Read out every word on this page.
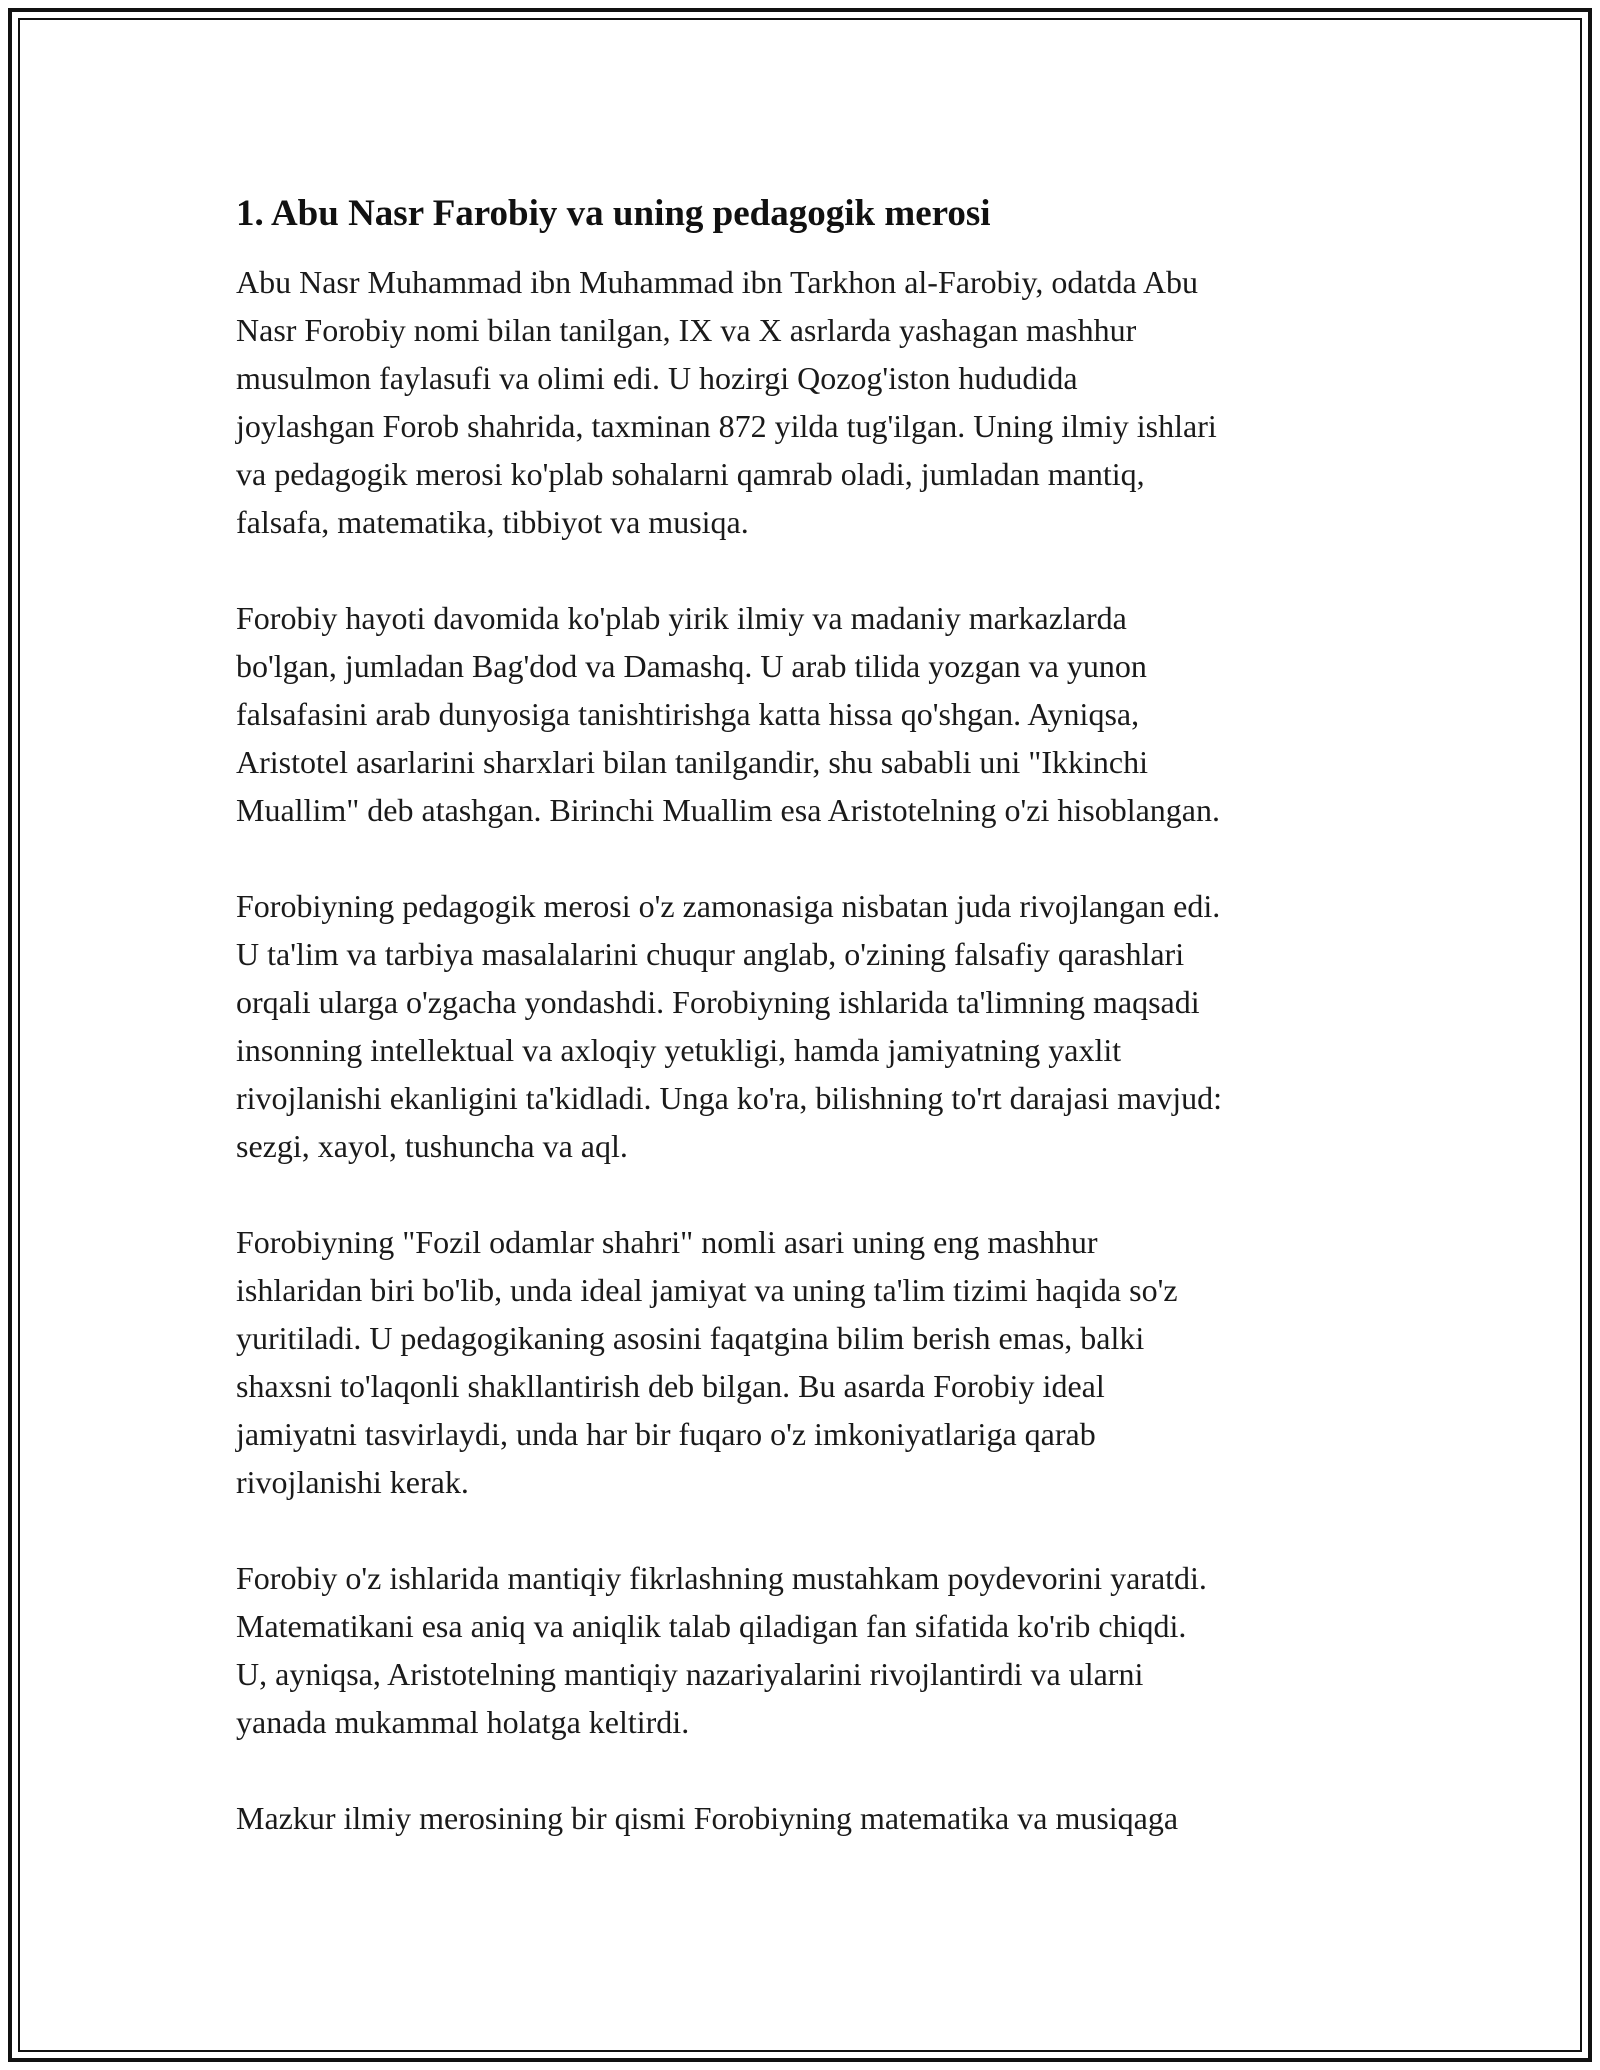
1. Abu Nasr Farobiy va uning pedagogik merosi

Abu Nasr Muhammad ibn Muhammad ibn Tarkhon al-Farobiy, odatda Abu
Nasr Forobiy nomi bilan tanilgan, IX va X asrlarda yashagan mashhur
musulmon faylasufi va olimi edi. U hozirgi Qozog'iston hududida
joylashgan Forob shahrida, taxminan 872 yilda tug'ilgan. Uning ilmiy ishlari
va pedagogik merosi ko'plab sohalarni qamrab oladi, jumladan mantiq,
falsafa, matematika, tibbiyot va musiqa.

Forobiy hayoti davomida ko'plab yirik ilmiy va madaniy markazlarda
bo'lgan, jumladan Bag'dod va Damashq. U arab tilida yozgan va yunon
falsafasini arab dunyosiga tanishtirishga katta hissa qo'shgan. Ayniqsa,
Aristotel asarlarini sharxlari bilan tanilgandir, shu sababli uni "Ikkinchi
Muallim" deb atashgan. Birinchi Muallim esa Aristotelning o'zi hisoblangan.

Forobiyning pedagogik merosi o'z zamonasiga nisbatan juda rivojlangan edi.
U ta'lim va tarbiya masalalarini chuqur anglab, o'zining falsafiy qarashlari
orqali ularga o'zgacha yondashdi. Forobiyning ishlarida ta'limning maqsadi
insonning intellektual va axloqiy yetukligi, hamda jamiyatning yaxlit
rivojlanishi ekanligini ta'kidladi. Unga ko'ra, bilishning to'rt darajasi mavjud:
sezgi, xayol, tushuncha va aql.

Forobiyning "Fozil odamlar shahri" nomli asari uning eng mashhur
ishlaridan biri bo'lib, unda ideal jamiyat va uning ta'lim tizimi haqida so'z
yuritiladi. U pedagogikaning asosini faqatgina bilim berish emas, balki
shaxsni to'laqonli shakllantirish deb bilgan. Bu asarda Forobiy ideal
jamiyatni tasvirlaydi, unda har bir fuqaro o'z imkoniyatlariga qarab
rivojlanishi kerak.

Forobiy o'z ishlarida mantiqiy fikrlashning mustahkam poydevorini yaratdi.
Matematikani esa aniq va aniqlik talab qiladigan fan sifatida ko'rib chiqdi.
U, ayniqsa, Aristotelning mantiqiy nazariyalarini rivojlantirdi va ularni
yanada mukammal holatga keltirdi.

Mazkur ilmiy merosining bir qismi Forobiyning matematika va musiqaga
